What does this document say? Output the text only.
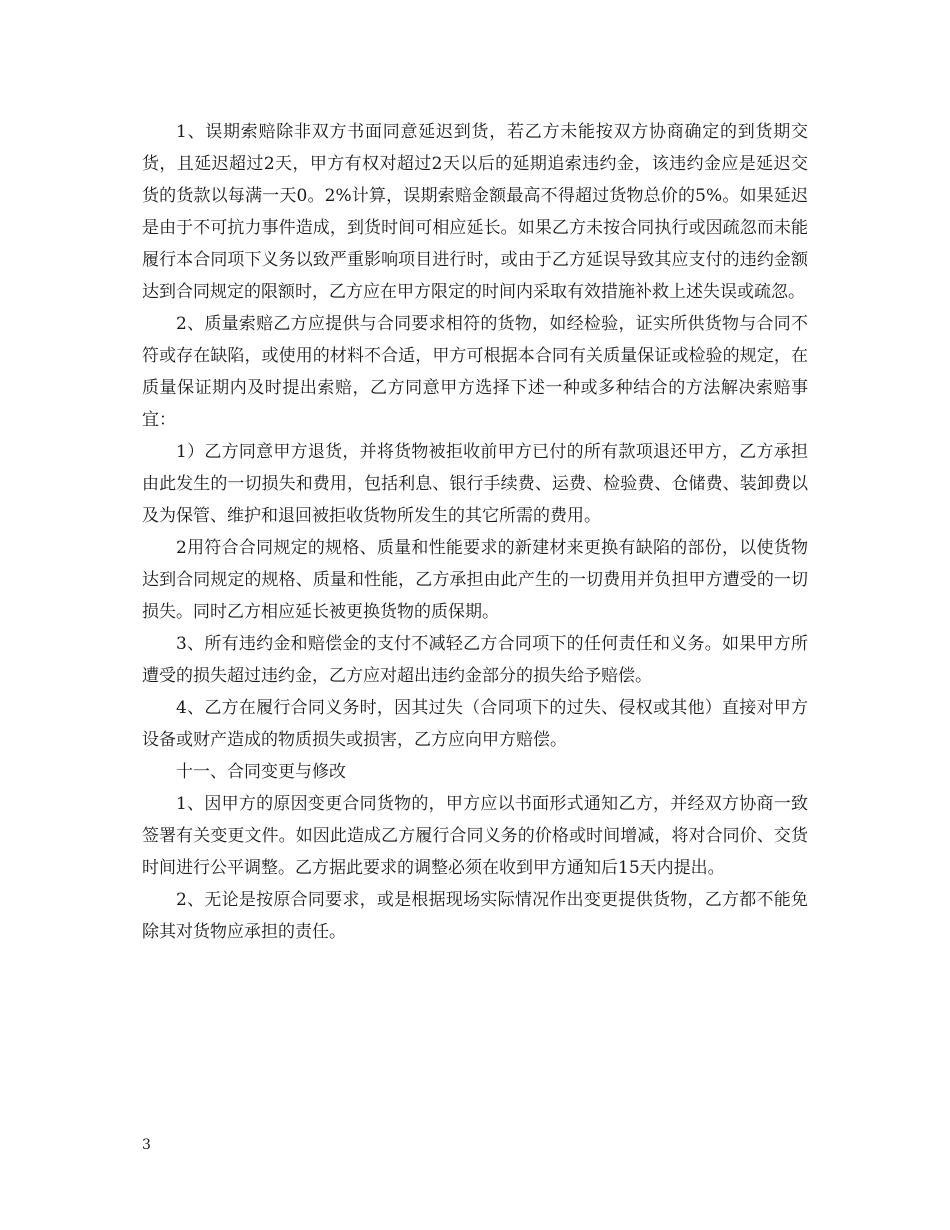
1、误期索赔除非双方书面同意延迟到货，若乙方未能按双方协商确定的到货期交货，且延迟超过2天，甲方有权对超过2天以后的延期追索违约金，该违约金应是延迟交货的货款以每满一天0。2%计算，误期索赔金额最高不得超过货物总价的5%。如果延迟是由于不可抗力事件造成，到货时间可相应延长。如果乙方未按合同执行或因疏忽而未能履行本合同项下义务以致严重影响项目进行时，或由于乙方延误导致其应支付的违约金额达到合同规定的限额时，乙方应在甲方限定的时间内采取有效措施补救上述失误或疏忽。

2、质量索赔乙方应提供与合同要求相符的货物，如经检验，证实所供货物与合同不符或存在缺陷，或使用的材料不合适，甲方可根据本合同有关质量保证或检验的规定，在质量保证期内及时提出索赔，乙方同意甲方选择下述一种或多种结合的方法解决索赔事宜：

1）乙方同意甲方退货，并将货物被拒收前甲方已付的所有款项退还甲方，乙方承担由此发生的一切损失和费用，包括利息、银行手续费、运费、检验费、仓储费、装卸费以及为保管、维护和退回被拒收货物所发生的其它所需的费用。

2用符合合同规定的规格、质量和性能要求的新建材来更换有缺陷的部份，以使货物达到合同规定的规格、质量和性能，乙方承担由此产生的一切费用并负担甲方遭受的一切损失。同时乙方相应延长被更换货物的质保期。

3、所有违约金和赔偿金的支付不减轻乙方合同项下的任何责任和义务。如果甲方所遭受的损失超过违约金，乙方应对超出违约金部分的损失给予赔偿。

4、乙方在履行合同义务时，因其过失（合同项下的过失、侵权或其他）直接对甲方设备或财产造成的物质损失或损害，乙方应向甲方赔偿。

十一、合同变更与修改

1、因甲方的原因变更合同货物的，甲方应以书面形式通知乙方，并经双方协商一致签署有关变更文件。如因此造成乙方履行合同义务的价格或时间增减，将对合同价、交货时间进行公平调整。乙方据此要求的调整必须在收到甲方通知后15天内提出。

2、无论是按原合同要求，或是根据现场实际情况作出变更提供货物，乙方都不能免除其对货物应承担的责任。

3
